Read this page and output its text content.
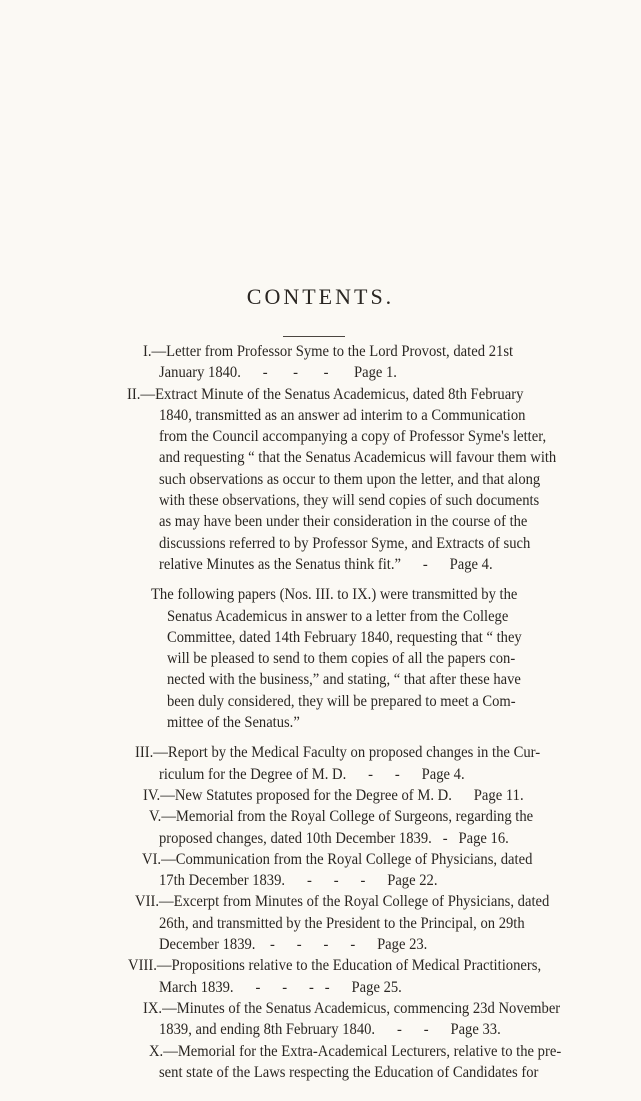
CONTENTS.
I.—Letter from Professor Syme to the Lord Provost, dated 21st
January 1840.      -       -       -       Page 1.
II.—Extract Minute of the Senatus Academicus, dated 8th February
1840, transmitted as an answer ad interim to a Communication
from the Council accompanying a copy of Professor Syme's letter,
and requesting “ that the Senatus Academicus will favour them with
such observations as occur to them upon the letter, and that along
with these observations, they will send copies of such documents
as may have been under their consideration in the course of the
discussions referred to by Professor Syme, and Extracts of such
relative Minutes as the Senatus think fit.”      -      Page 4.
The following papers (Nos. III. to IX.) were transmitted by the
Senatus Academicus in answer to a letter from the College
Committee, dated 14th February 1840, requesting that “ they
will be pleased to send to them copies of all the papers con-
nected with the business,” and stating, “ that after these have
been duly considered, they will be prepared to meet a Com-
mittee of the Senatus.”
III.—Report by the Medical Faculty on proposed changes in the Cur-
riculum for the Degree of M. D.      -      -      Page 4.
IV.—New Statutes proposed for the Degree of M. D.      Page 11.
V.—Memorial from the Royal College of Surgeons, regarding the
proposed changes, dated 10th December 1839.   -   Page 16.
VI.—Communication from the Royal College of Physicians, dated
17th December 1839.      -      -      -      Page 22.
VII.—Excerpt from Minutes of the Royal College of Physicians, dated
26th, and transmitted by the President to the Principal, on 29th
December 1839.    -      -      -      -      Page 23.
VIII.—Propositions relative to the Education of Medical Practitioners,
March 1839.      -      -      -   -      Page 25.
IX.—Minutes of the Senatus Academicus, commencing 23d November
1839, and ending 8th February 1840.      -      -      Page 33.
X.—Memorial for the Extra-Academical Lecturers, relative to the pre-
sent state of the Laws respecting the Education of Candidates for
